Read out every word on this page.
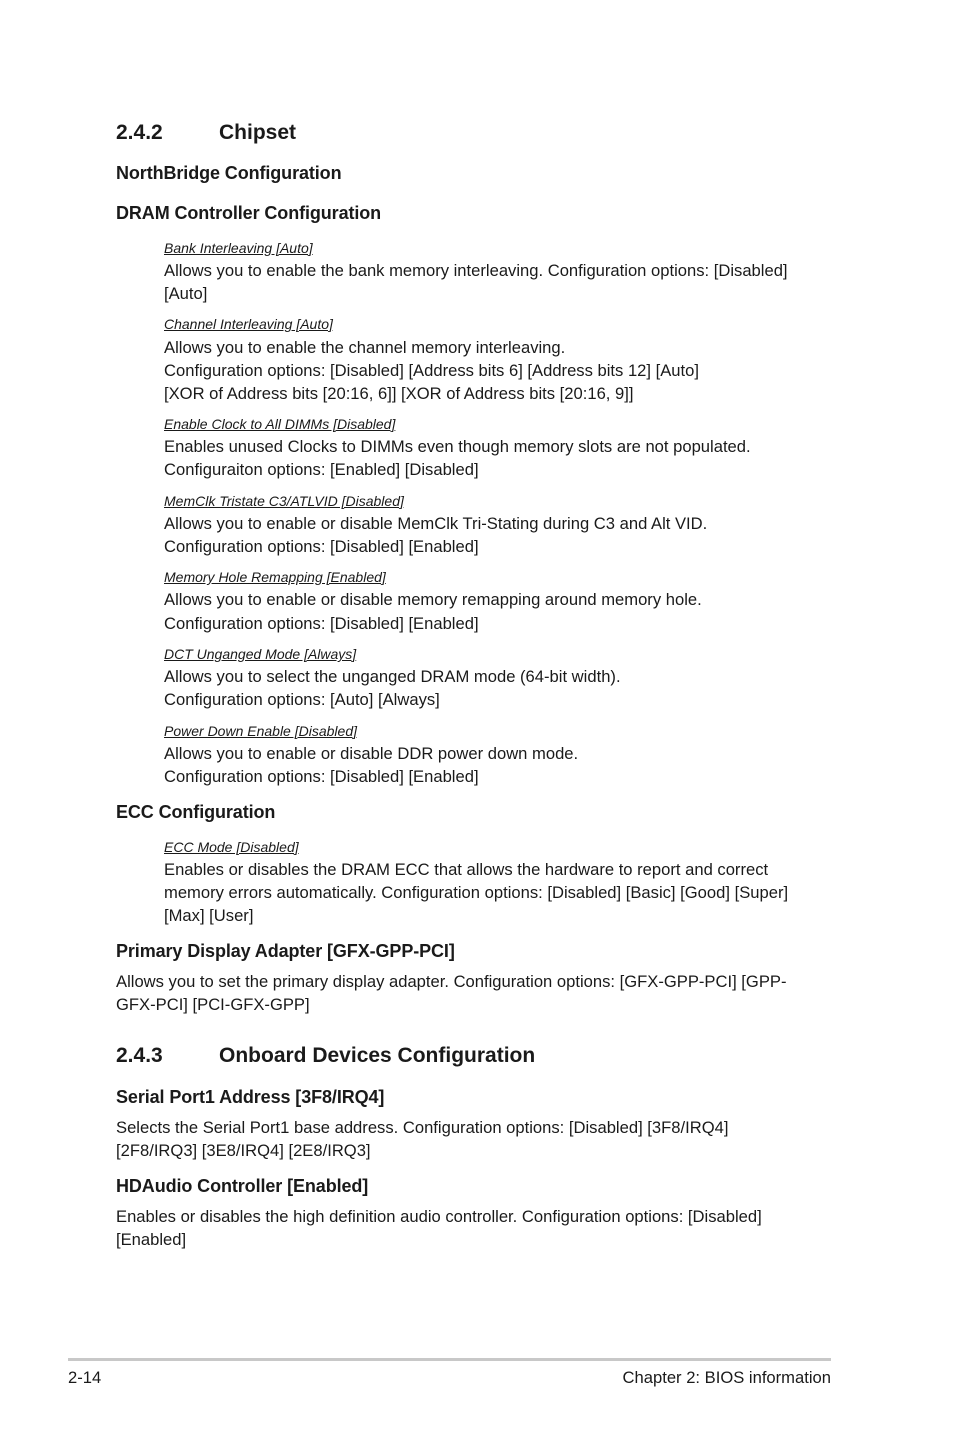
2.4.2	Chipset
NorthBridge Configuration
DRAM Controller Configuration
Bank Interleaving [Auto]

Allows you to enable the bank memory interleaving. Configuration options: [Disabled]

[Auto]

Channel Interleaving [Auto]

Allows you to enable the channel memory interleaving.

Configuration options: [Disabled] [Address bits 6] [Address bits 12] [Auto]

[XOR of Address bits [20:16, 6]] [XOR of Address bits [20:16, 9]]

Enable Clock to All DIMMs [Disabled]

Enables unused Clocks to DIMMs even though memory slots are not populated.

Configuraiton options: [Enabled] [Disabled]

MemClk Tristate C3/ATLVID [Disabled]

Allows you to enable or disable MemClk Tri-Stating during C3 and Alt VID.

Configuration options: [Disabled] [Enabled]

Memory Hole Remapping [Enabled]

Allows you to enable or disable memory remapping around memory hole.

Configuration options: [Disabled] [Enabled]

DCT Unganged Mode [Always]

Allows you to select the unganged DRAM mode (64-bit width).

Configuration options: [Auto] [Always]

Power Down Enable [Disabled]

Allows you to enable or disable DDR power down mode.

Configuration options: [Disabled] [Enabled]

ECC Configuration
ECC Mode [Disabled]

Enables or disables the DRAM ECC that allows the hardware to report and correct

memory errors automatically. Configuration options: [Disabled] [Basic] [Good] [Super]

[Max] [User]

Primary Display Adapter [GFX-GPP-PCI]

Allows you to set the primary display adapter. Configuration options: [GFX-GPP-PCI] [GPP-

GFX-PCI] [PCI-GFX-GPP]

2.4.3	Onboard Devices Configuration
Serial Port1 Address [3F8/IRQ4]

Selects the Serial Port1 base address. Configuration options: [Disabled] [3F8/IRQ4]

[2F8/IRQ3] [3E8/IRQ4] [2E8/IRQ3]

HDAudio Controller [Enabled]

Enables or disables the high definition audio controller. Configuration options: [Disabled]

[Enabled]

2-14	Chapter 2: BIOS information
